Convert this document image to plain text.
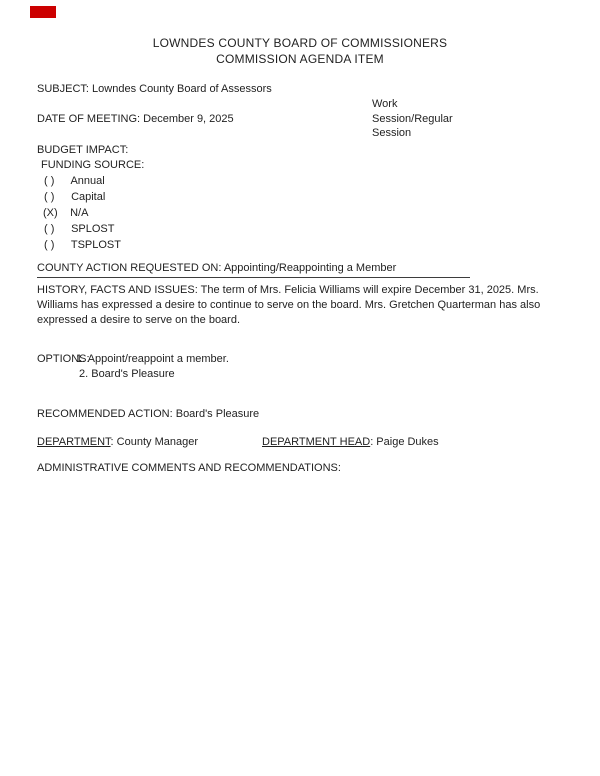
LOWNDES COUNTY BOARD OF COMMISSIONERS
COMMISSION AGENDA ITEM
SUBJECT: Lowndes County Board of Assessors
Work
Session/Regular
Session
DATE OF MEETING: December 9, 2025
BUDGET IMPACT:
FUNDING SOURCE:
( ) Annual
( ) Capital
(X) N/A
( ) SPLOST
( ) TSPLOST
COUNTY ACTION REQUESTED ON: Appointing/Reappointing a Member
HISTORY, FACTS AND ISSUES: The term of Mrs. Felicia Williams will expire December 31, 2025. Mrs. Williams has expressed a desire to continue to serve on the board. Mrs. Gretchen Quarterman has also expressed a desire to serve on the board.
OPTIONS:
1. Appoint/reappoint a member.
2. Board's Pleasure
RECOMMENDED ACTION: Board's Pleasure
DEPARTMENT: County Manager	DEPARTMENT HEAD: Paige Dukes
ADMINISTRATIVE COMMENTS AND RECOMMENDATIONS:
